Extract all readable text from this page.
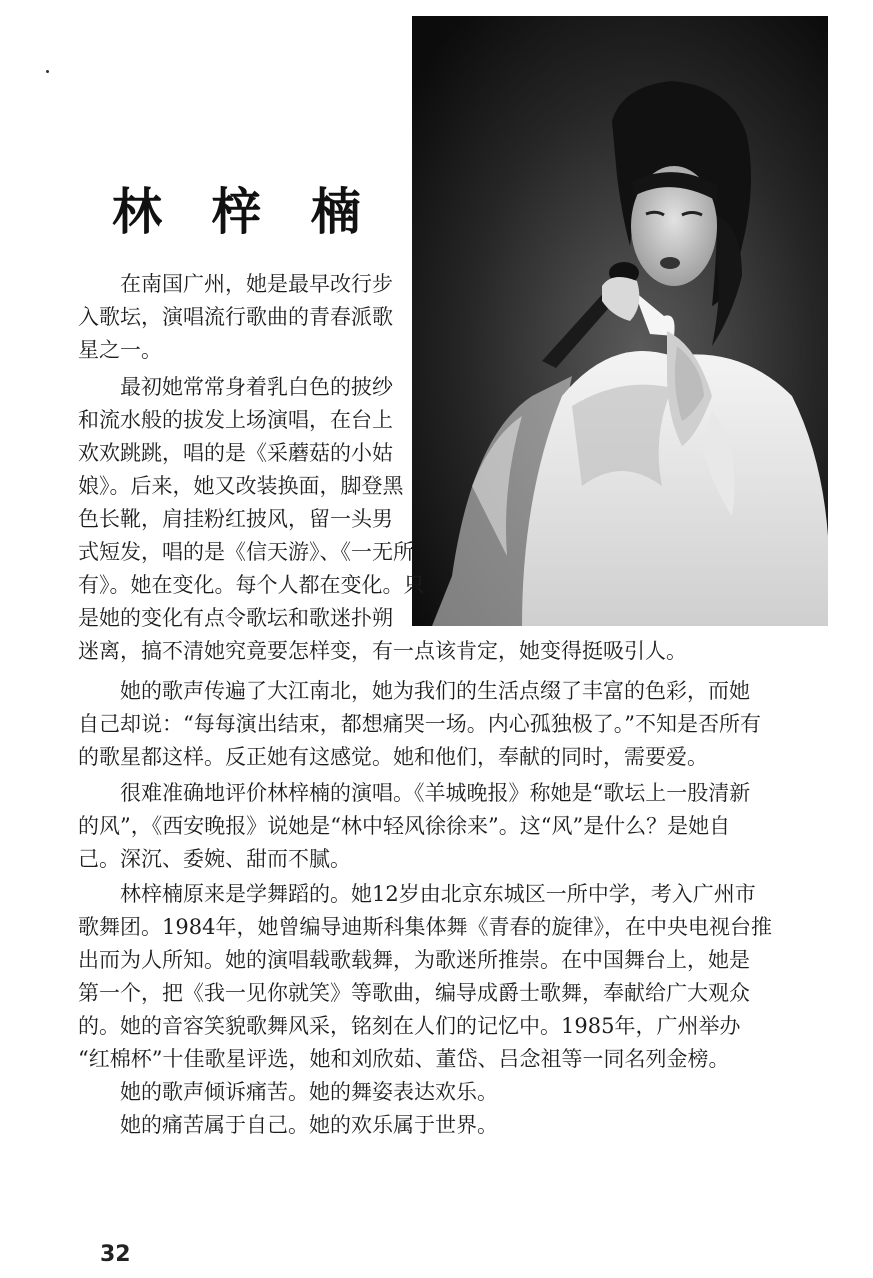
林 梓 楠

在南国广州，她是最早改行步
入歌坛，演唱流行歌曲的青春派歌
星之一。

最初她常常身着乳白色的披纱
和流水般的拔发上场演唱，在台上
欢欢跳跳，唱的是《采蘑菇的小姑
娘》。后来，她又改装换面，脚登黑
色长靴，肩挂粉红披风，留一头男
式短发，唱的是《信天游》、《一无所
有》。她在变化。每个人都在变化。只
是她的变化有点令歌坛和歌迷扑朔
迷离，搞不清她究竟要怎样变，有一点该肯定，她变得挺吸引人。

她的歌声传遍了大江南北，她为我们的生活点缀了丰富的色彩，而她
自己却说：“每每演出结束，都想痛哭一场。内心孤独极了。”不知是否所有
的歌星都这样。反正她有这感觉。她和他们，奉献的同时，需要爱。

很难准确地评价林梓楠的演唱。《羊城晚报》称她是“歌坛上一股清新
的风”，《西安晚报》说她是“林中轻风徐徐来”。这“风”是什么？是她自
己。深沉、委婉、甜而不腻。

林梓楠原来是学舞蹈的。她12岁由北京东城区一所中学，考入广州市
歌舞团。1984年，她曾编导迪斯科集体舞《青春的旋律》，在中央电视台推
出而为人所知。她的演唱载歌载舞，为歌迷所推崇。在中国舞台上，她是
第一个，把《我一见你就笑》等歌曲，编导成爵士歌舞，奉献给广大观众
的。她的音容笑貌歌舞风采，铭刻在人们的记忆中。1985年，广州举办
“红棉杯”十佳歌星评选，她和刘欣茹、董岱、吕念祖等一同名列金榜。

她的歌声倾诉痛苦。她的舞姿表达欢乐。

她的痛苦属于自己。她的欢乐属于世界。

32
